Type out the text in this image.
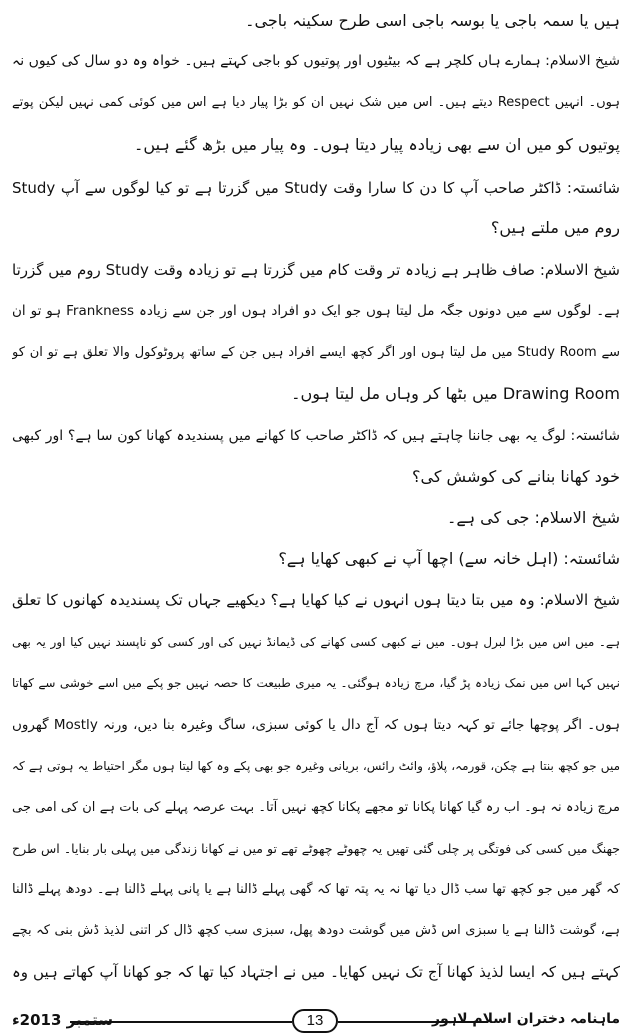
ہیں یا سمہ باجی یا بوسہ باجی اسی طرح سکینہ باجی۔
شیخ الاسلام: ہمارے ہاں کلچر ہے کہ بیٹیوں اور پوتیوں کو باجی کہتے ہیں۔ خواہ وہ دو سال کی کیوں نہ
ہوں۔ انہیں Respect دیتے ہیں۔ اس میں شک نہیں ان کو بڑا پیار دیا ہے اس میں کوئی کمی نہیں لیکن پوتے
پوتیوں کو میں ان سے بھی زیادہ پیار دیتا ہوں۔ وہ پیار میں بڑھ گئے ہیں۔
شائستہ: ڈاکٹر صاحب آپ کا دن کا سارا وقت Study میں گزرتا ہے تو کیا لوگوں سے آپ Study
روم میں ملتے ہیں؟
شیخ الاسلام: صاف ظاہر ہے زیادہ تر وقت کام میں گزرتا ہے تو زیادہ وقت Study روم میں گزرتا
ہے۔ لوگوں سے میں دونوں جگہ مل لیتا ہوں جو ایک دو افراد ہوں اور جن سے زیادہ Frankness ہو تو ان
سے Study Room میں مل لیتا ہوں اور اگر کچھ ایسے افراد ہیں جن کے ساتھ پروٹوکول والا تعلق ہے تو ان کو
Drawing Room میں بٹھا کر وہاں مل لیتا ہوں۔
شائستہ: لوگ یہ بھی جاننا چاہتے ہیں کہ ڈاکٹر صاحب کا کھانے میں پسندیدہ کھانا کون سا ہے؟ اور کبھی
خود کھانا بنانے کی کوشش کی؟
شیخ الاسلام: جی کی ہے۔
شائستہ: (اہل خانہ سے) اچھا آپ نے کبھی کھایا ہے؟
شیخ الاسلام: وہ میں بتا دیتا ہوں انہوں نے کیا کھایا ہے؟ دیکھیے جہاں تک پسندیدہ کھانوں کا تعلق
ہے۔ میں اس میں بڑا لبرل ہوں۔ میں نے کبھی کسی کھانے کی ڈیمانڈ نہیں کی اور کسی کو ناپسند نہیں کیا اور یہ بھی
نہیں کہا اس میں نمک زیادہ پڑ گیا، مرچ زیادہ ہوگئی۔ یہ میری طبیعت کا حصہ نہیں جو پکے میں اسے خوشی سے کھاتا
ہوں۔ اگر پوچھا جائے تو کہہ دیتا ہوں کہ آج دال یا کوئی سبزی، ساگ وغیرہ بنا دیں، ورنہ Mostly گھروں
میں جو کچھ بنتا ہے چکن، قورمہ، پلاؤ، وائٹ رائس، بریانی وغیرہ جو بھی پکے وہ کھا لیتا ہوں مگر احتیاط یہ ہوتی ہے کہ
مرچ زیادہ نہ ہو۔ اب رہ گیا کھانا پکانا تو مجھے پکانا کچھ نہیں آتا۔ بہت عرصہ پہلے کی بات ہے ان کی امی جی
جھنگ میں کسی کی فوتگی پر چلی گئی تھیں یہ چھوٹے چھوٹے تھے تو میں نے کھانا زندگی میں پہلی بار بنایا۔ اس طرح
کہ گھر میں جو کچھ تھا سب ڈال دیا تھا نہ یہ پتہ تھا کہ گھی پہلے ڈالنا ہے یا پانی پہلے ڈالنا ہے۔ دودھ پہلے ڈالنا
ہے، گوشت ڈالنا ہے یا سبزی اس ڈش میں گوشت دودھ پھل، سبزی سب کچھ ڈال کر اتنی لذیذ ڈش بنی کہ بچے
کہتے ہیں کہ ایسا لذیذ کھانا آج تک نہیں کھایا۔ میں نے اجتہاد کیا تھا کہ جو کھانا آپ کھاتے ہیں وہ
ستمبر 2013ء	13	ماہنامہ دختران اسلام لاہور
